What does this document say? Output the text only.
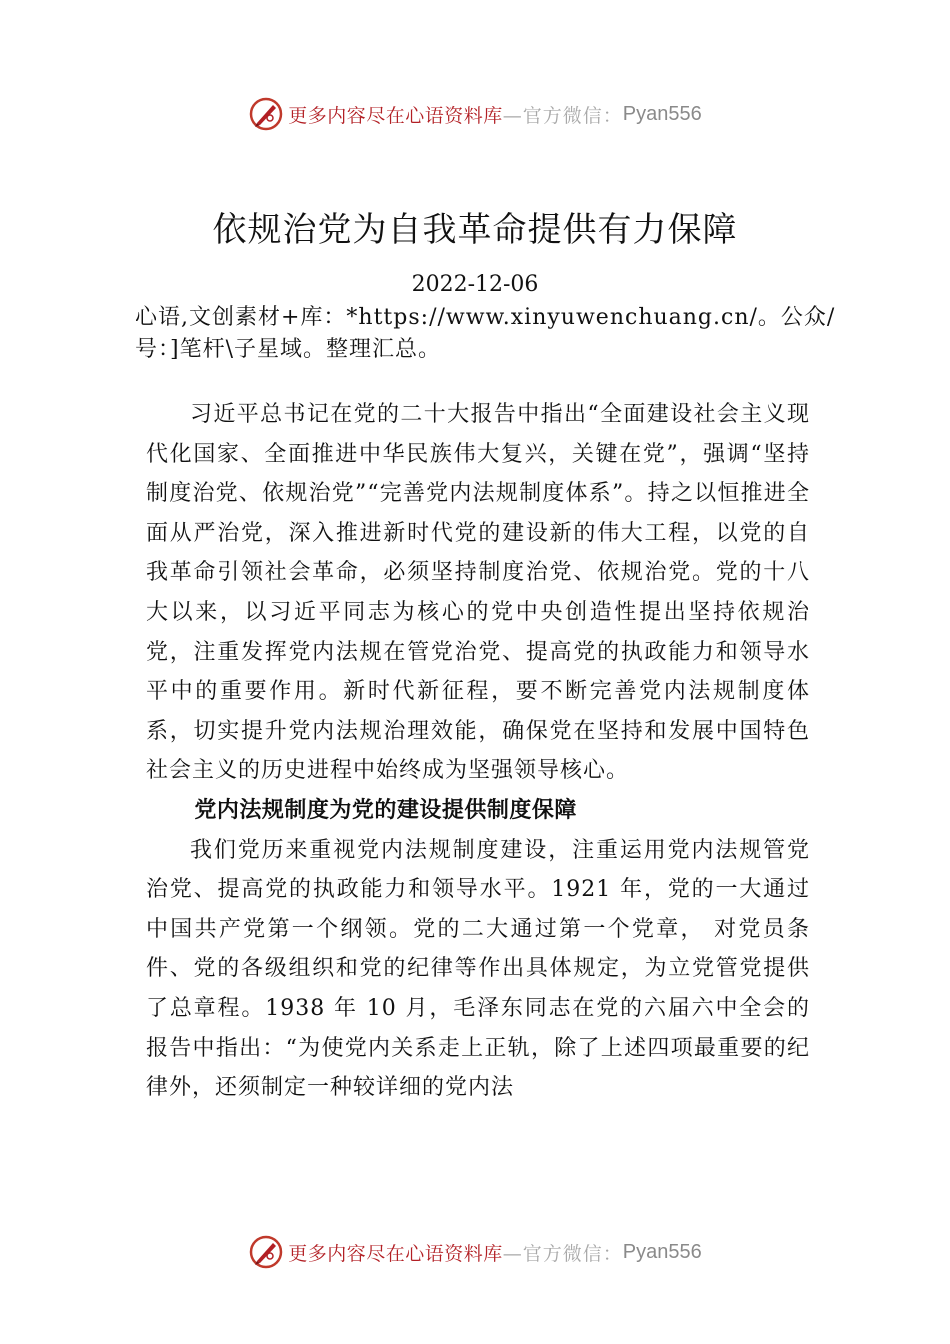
更多内容尽在心语资料库 —官方微信： Pyan556
依规治党为自我革命提供有力保障
2022-12-06
心语,文创素材+库：*https://www.xinyuwenchuang.cn/。公众/号：]笔杆\子星域。整理汇总。

习近平总书记在党的二十大报告中指出“全面建设社会主义现代化国家、全面推进中华民族伟大复兴，关键在党”，强调“坚持制度治党、依规治党”“完善党内法规制度体系”。持之以恒推进全面从严治党，深入推进新时代党的建设新的伟大工程，以党的自我革命引领社会革命，必须坚持制度治党、依规治党。党的十八大以来，以习近平同志为核心的党中央创造性提出坚持依规治党，注重发挥党内法规在管党治党、提高党的执政能力和领导水平中的重要作用。新时代新征程，要不断完善党内法规制度体系，切实提升党内法规治理效能，确保党在坚持和发展中国特色社会主义的历史进程中始终成为坚强领导核心。

党内法规制度为党的建设提供制度保障

我们党历来重视党内法规制度建设，注重运用党内法规管党治党、提高党的执政能力和领导水平。1921 年，党的一大通过中国共产党第一个纲领。党的二大通过第一个党章， 对党员条件、党的各级组织和党的纪律等作出具体规定，为立党管党提供了总章程。1938 年 10 月，毛泽东同志在党的六届六中全会的报告中指出：“为使党内关系走上正轨，除了上述四项最重要的纪律外，还须制定一种较详细的党内法

更多内容尽在心语资料库 —官方微信： Pyan556
